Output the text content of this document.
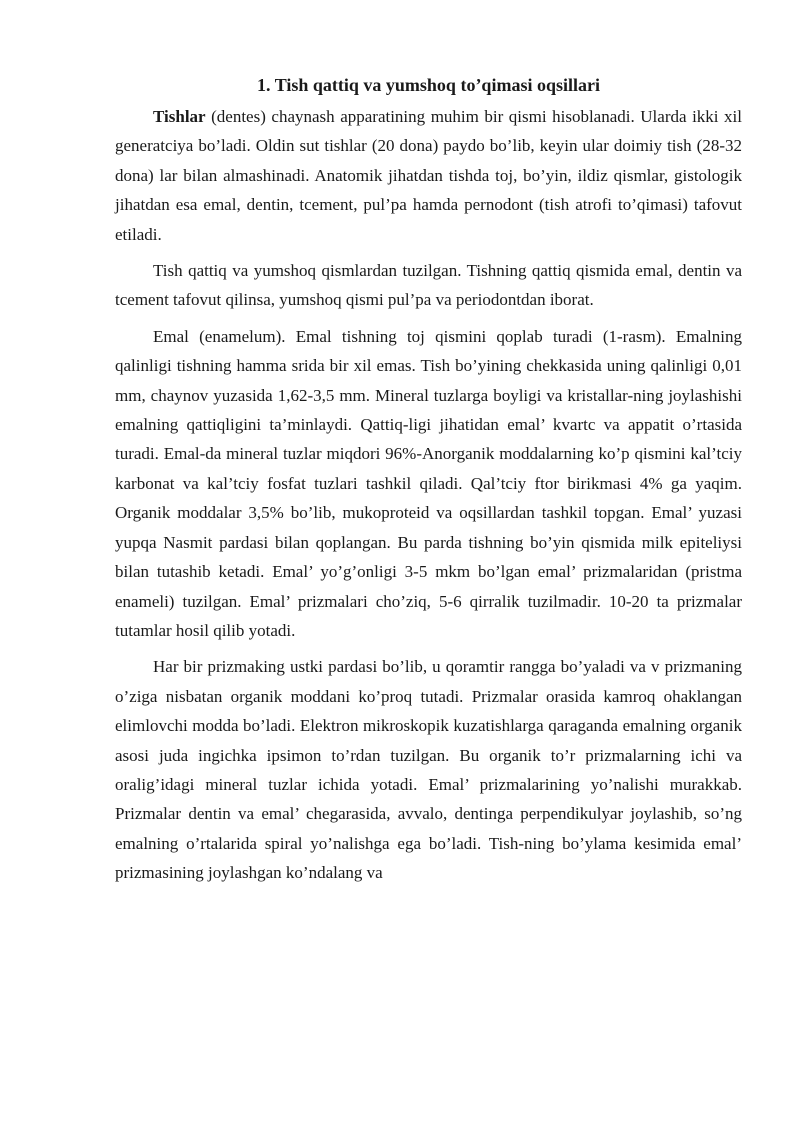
1. Tish qattiq va yumshoq to’qimasi oqsillari

Tishlar (dentes) chaynash apparatining muhim bir qismi hisoblanadi. Ularda ikki xil generatciya bo’ladi. Oldin sut tishlar (20 dona) paydo bo’lib, keyin ular doimiy tish (28-32 dona) lar bilan almashinadi. Anatomik jihatdan tishda toj, bo’yin, ildiz qismlar, gistologik jihatdan esa emal, dentin, tcement, pul’pa hamda pernodont (tish atrofi to’qimasi) tafovut etiladi.

Tish qattiq va yumshoq qismlardan tuzilgan. Tishning qattiq qismida emal, dentin va tcement tafovut qilinsa, yumshoq qismi pul’pa va periodontdan iborat.

Emal (enamelum). Emal tishning toj qismini qoplab turadi (1-rasm). Emalning qalinligi tishning hamma srida bir xil emas. Tish bo’yining chekkasida uning qalinligi 0,01 mm, chaynov yuzasida 1,62-3,5 mm. Mineral tuzlarga boyligi va kristallar-ning joylashishi emalning qattiqligini ta’minlaydi. Qattiq-ligi jihatidan emal’ kvartc va appatit o’rtasida turadi. Emal-da mineral tuzlar miqdori 96%-Anorganik moddalarning ko’p qismini kal’tciy karbonat va kal’tciy fosfat tuzlari tashkil qiladi. Qal’tciy ftor birikmasi 4% ga yaqim. Organik moddalar 3,5% bo’lib, mukoproteid va oqsillardan tashkil topgan. Emal’ yuzasi yupqa Nasmit pardasi bilan qoplangan. Bu parda tishning bo’yin qismida milk epiteliysi bilan tutashib ketadi. Emal’ yo’g’onligi 3-5 mkm bo’lgan emal’ prizmalaridan (pristma enameli) tuzilgan. Emal’ prizmalari cho’ziq, 5-6 qirralik tuzilmadir. 10-20 ta prizmalar tutamlar hosil qilib yotadi.

Har bir prizmaking ustki pardasi bo’lib, u qoramtir rangga bo’yaladi va v prizmaning o’ziga nisbatan organik moddani ko’proq tutadi. Prizmalar orasida kamroq ohaklangan elimlovchi modda bo’ladi. Elektron mikroskopik kuzatishlarga qaraganda emalning organik asosi juda ingichka ipsimon to’rdan tuzilgan. Bu organik to’r prizmalarning ichi va oralig’idagi mineral tuzlar ichida yotadi. Emal’ prizmalarining yo’nalishi murakkab. Prizmalar dentin va emal’ chegarasida, avvalo, dentinga perpendikulyar joylashib, so’ng emalning o’rtalarida spiral yo’nalishga ega bo’ladi. Tish-ning bo’ylama kesimida emal’ prizmasining joylashgan ko’ndalang va
